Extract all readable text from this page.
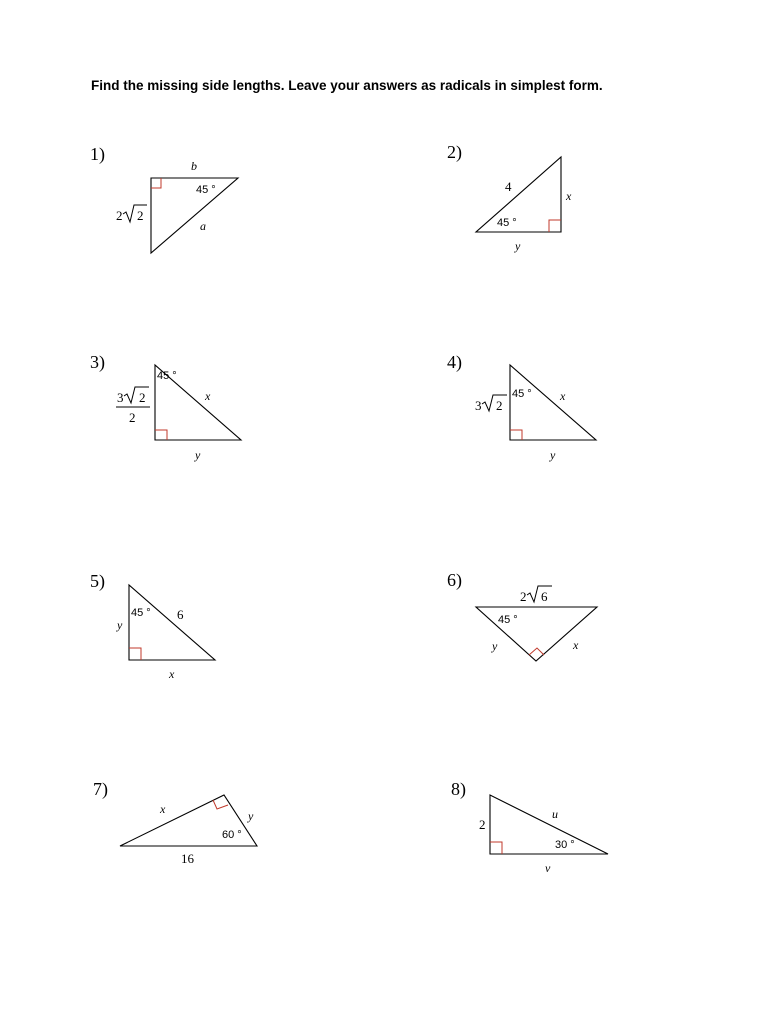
Find the missing side lengths. Leave your answers as radicals in simplest form.
1)
b
a
45 °
2 2
2)
4
x
y
45 °
3)
45 °
x
y
3 2
2
4)
45 ° x
y
3 2
5)
45 ° 6
y
x
6)
45 °
y	x
2 6
7)
x	y
60 °
16
8)
2
u
30 °
v
